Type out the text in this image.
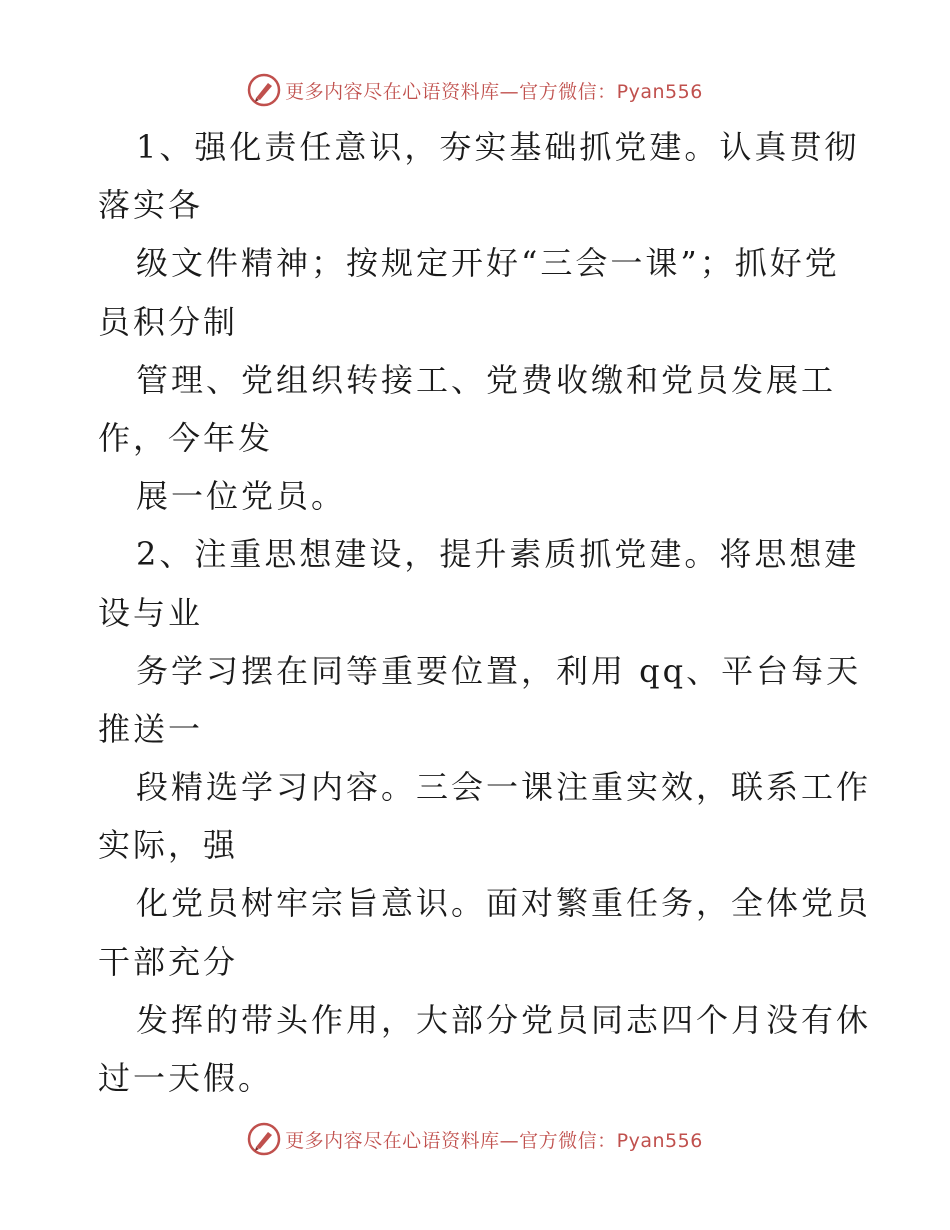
更多内容尽在心语资料库—官方微信：Pyan556
1、强化责任意识，夯实基础抓党建。认真贯彻
落实各
级文件精神；按规定开好“三会一课”；抓好党
员积分制
管理、党组织转接工、党费收缴和党员发展工
作，今年发
展一位党员。
2、注重思想建设，提升素质抓党建。将思想建
设与业
务学习摆在同等重要位置，利用 qq、平台每天
推送一
段精选学习内容。三会一课注重实效，联系工作
实际，强
化党员树牢宗旨意识。面对繁重任务，全体党员
干部充分
发挥的带头作用，大部分党员同志四个月没有休
过一天假。
更多内容尽在心语资料库—官方微信：Pyan556
